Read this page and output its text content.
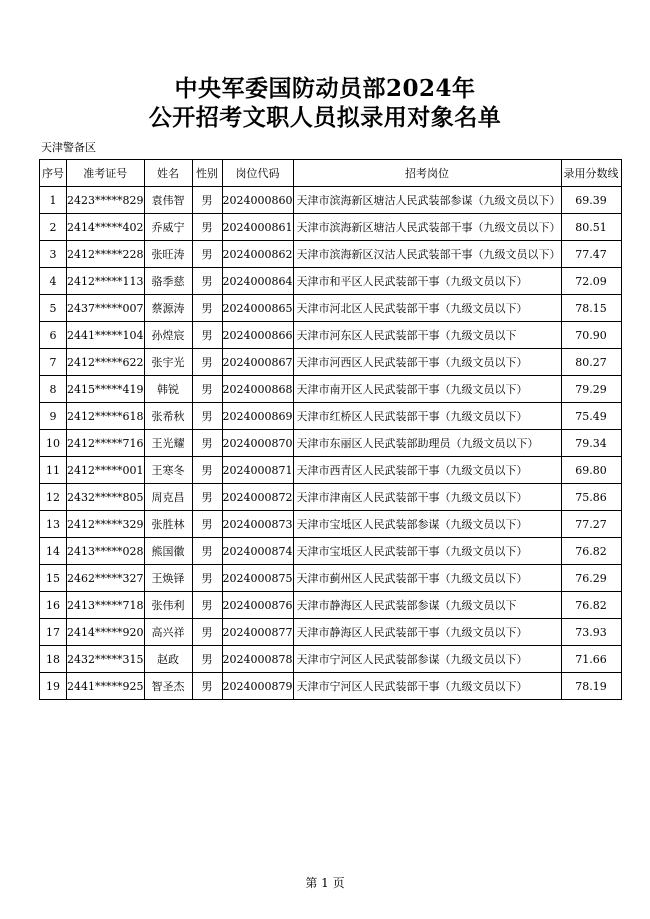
中央军委国防动员部2024年
公开招考文职人员拟录用对象名单
天津警备区
序号	准考证号	姓名	性别	岗位代码	招考岗位	录用分数线
1	2423*****829	袁伟智	男	2024000860	天津市滨海新区塘沽人民武装部参谋（九级文员以下）	69.39
2	2414*****402	乔威宁	男	2024000861	天津市滨海新区塘沽人民武装部干事（九级文员以下）	80.51
3	2412*****228	张旺涛	男	2024000862	天津市滨海新区汉沽人民武装部干事（九级文员以下）	77.47
4	2412*****113	骆季慈	男	2024000864	天津市和平区人民武装部干事（九级文员以下）	72.09
5	2437*****007	蔡源涛	男	2024000865	天津市河北区人民武装部干事（九级文员以下）	78.15
6	2441*****104	孙煌宸	男	2024000866	天津市河东区人民武装部干事（九级文员以下	70.90
7	2412*****622	张宇光	男	2024000867	天津市河西区人民武装部干事（九级文员以下）	80.27
8	2415*****419	韩锐	男	2024000868	天津市南开区人民武装部干事（九级文员以下）	79.29
9	2412*****618	张希秋	男	2024000869	天津市红桥区人民武装部干事（九级文员以下）	75.49
10	2412*****716	王光耀	男	2024000870	天津市东丽区人民武装部助理员（九级文员以下）	79.34
11	2412*****001	王寒冬	男	2024000871	天津市西青区人民武装部干事（九级文员以下）	69.80
12	2432*****805	周克昌	男	2024000872	天津市津南区人民武装部干事（九级文员以下）	75.86
13	2412*****329	张胜林	男	2024000873	天津市宝坻区人民武装部参谋（九级文员以下）	77.27
14	2413*****028	熊国徽	男	2024000874	天津市宝坻区人民武装部干事（九级文员以下）	76.82
15	2462*****327	王焕铎	男	2024000875	天津市蓟州区人民武装部干事（九级文员以下）	76.29
16	2413*****718	张伟利	男	2024000876	天津市静海区人民武装部参谋（九级文员以下	76.82
17	2414*****920	高兴祥	男	2024000877	天津市静海区人民武装部干事（九级文员以下）	73.93
18	2432*****315	赵政	男	2024000878	天津市宁河区人民武装部参谋（九级文员以下）	71.66
19	2441*****925	智圣杰	男	2024000879	天津市宁河区人民武装部干事（九级文员以下）	78.19
第 1 页
